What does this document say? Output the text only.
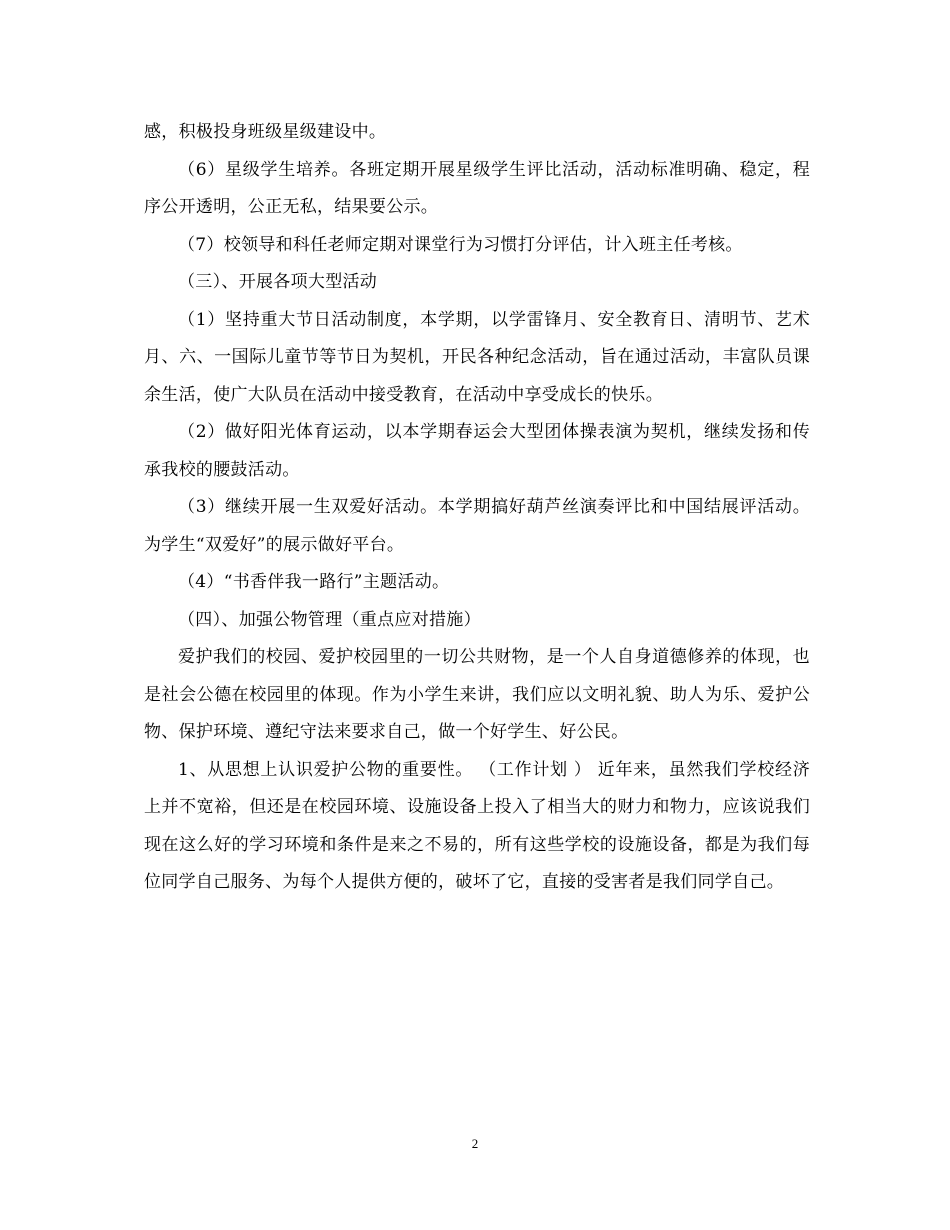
感，积极投身班级星级建设中。

（6）星级学生培养。各班定期开展星级学生评比活动，活动标准明确、稳定，程序公开透明，公正无私，结果要公示。

（7）校领导和科任老师定期对课堂行为习惯打分评估，计入班主任考核。

（三）、开展各项大型活动

（1）坚持重大节日活动制度，本学期，以学雷锋月、安全教育日、清明节、艺术月、六、一国际儿童节等节日为契机，开民各种纪念活动，旨在通过活动，丰富队员课余生活，使广大队员在活动中接受教育，在活动中享受成长的快乐。

（2）做好阳光体育运动，以本学期春运会大型团体操表演为契机，继续发扬和传承我校的腰鼓活动。

（3）继续开展一生双爱好活动。本学期搞好葫芦丝演奏评比和中国结展评活动。为学生“双爱好”的展示做好平台。

（4）“书香伴我一路行”主题活动。

（四）、加强公物管理（重点应对措施）

爱护我们的校园、爱护校园里的一切公共财物，是一个人自身道德修养的体现，也是社会公德在校园里的体现。作为小学生来讲，我们应以文明礼貌、助人为乐、爱护公物、保护环境、遵纪守法来要求自己，做一个好学生、好公民。

1、从思想上认识爱护公物的重要性。 （工作计划 ） 近年来，虽然我们学校经济上并不宽裕，但还是在校园环境、设施设备上投入了相当大的财力和物力，应该说我们现在这么好的学习环境和条件是来之不易的，所有这些学校的设施设备，都是为我们每位同学自己服务、为每个人提供方便的，破坏了它，直接的受害者是我们同学自己。

2
